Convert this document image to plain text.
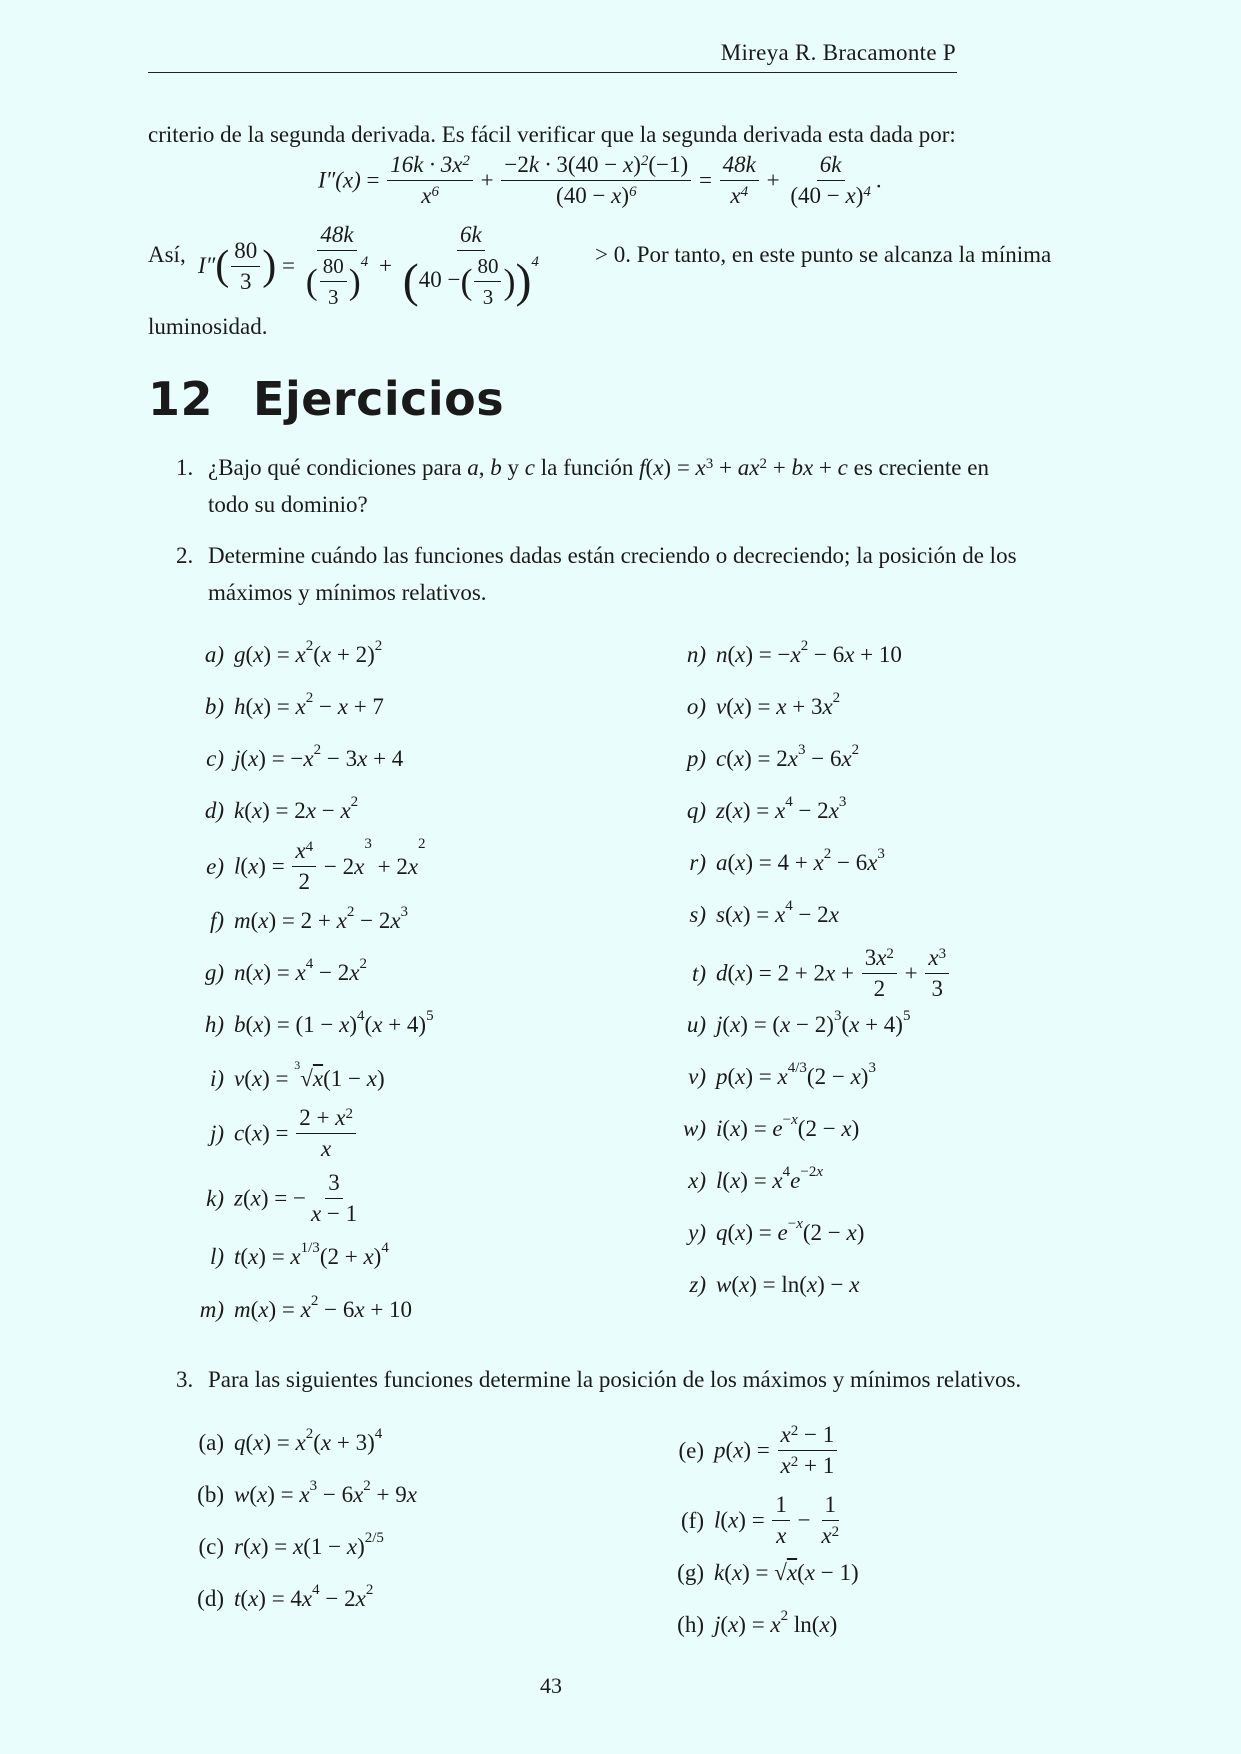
Mireya R. Bracamonte P
criterio de la segunda derivada. Es fácil verificar que la segunda derivada esta dada por:
$I''(x) = \frac{16k \cdot 3x^2}{x^6} + \frac{-2k \cdot 3(40 - x)^2(-1)}{(40 - x)^6} = \frac{48k}{x^4} + \frac{6k}{(40 - x)^4}$ .
Así, $I''( \frac{80}{3}$ ) = $\frac{48k}{( \frac{80}{3} )^4} + \frac{6k}{(40 -( \frac{80}{3} ))^4} > 0$. Por tanto, en este punto se alcanza la mínima
luminosidad.
12 Ejercicios
1. ¿Bajo qué condiciones para a, b y c la función $f(x) = x^3 + ax^2$ + bx + c es creciente en
todo su dominio?
2. Determine cuándo las funciones dadas están creciendo o decreciendo; la posición de los
máximos y mínimos relativos.
a) $g(x) = x^2(x + 2)^2$
b) $h(x) = x^2 - x + 7$
c) $j(x) = -x^2 - 3x + 4$
d) $k(x) = 2x - x^2$
e) $l(x) = \frac{x^4}{2} - 2x^3 + 2x^2$
f) $m(x) = 2 + x^2 - 2x^3$
g) $n(x) = x^4 - 2x^2$
h) $b(x) = (1 - x)^4(x + 4)^5$
i) v(x) = $^3$√x(1 − x)
j) $c(x) = \frac{2 + x^2}{x}$
k) z(x) = − $\frac{3}{x - 1}$
l) $t(x) = x^{1/3}(2 + x)^4$
m) $m(x) = x^2 - 6x + 10$
n) $n(x) = -x^2 - 6x + 10$
o) $v(x) = x + 3x^2$
p) $c(x) = 2x^3 - 6x^2$
q) $z(x) = x^4 - 2x^3$
r) $a(x) = 4 + x^2 - 6x^3$
s) $s(x) = x^4 - 2x$
t) $d(x) = 2 + 2x + \frac{3x^2}{2} + \frac{x^3}{3}$
u) $j(x) = (x - 2)^3(x + 4)^5$
v) $p(x) = x^{4/3}(2 - x)^3$
w) $i(x) = e^{-x}(2 - x)$
x) $l(x) = x^4e^{-2x}$
y) $q(x) = e^{-x}(2 - x)$
z) w(x) = ln(x) − x
3. Para las siguientes funciones determine la posición de los máximos y mínimos relativos.
(a) $q(x) = x^2(x + 3)^4$
(b) $w(x) = x^3 - 6x^2 + 9x$
(c) $r(x) = x(1 - x)^{2/5}$
(d) $t(x) = 4x^4 - 2x^2$
(e) $p(x) = \frac{x^2 - 1}{x^2 + 1}$
(f) $l(x) = \frac{1}{x} - \frac{1}{x^2}$
(g) k(x) = √x(x − 1)
(h) $j(x) = x^2$ ln(x)
43
